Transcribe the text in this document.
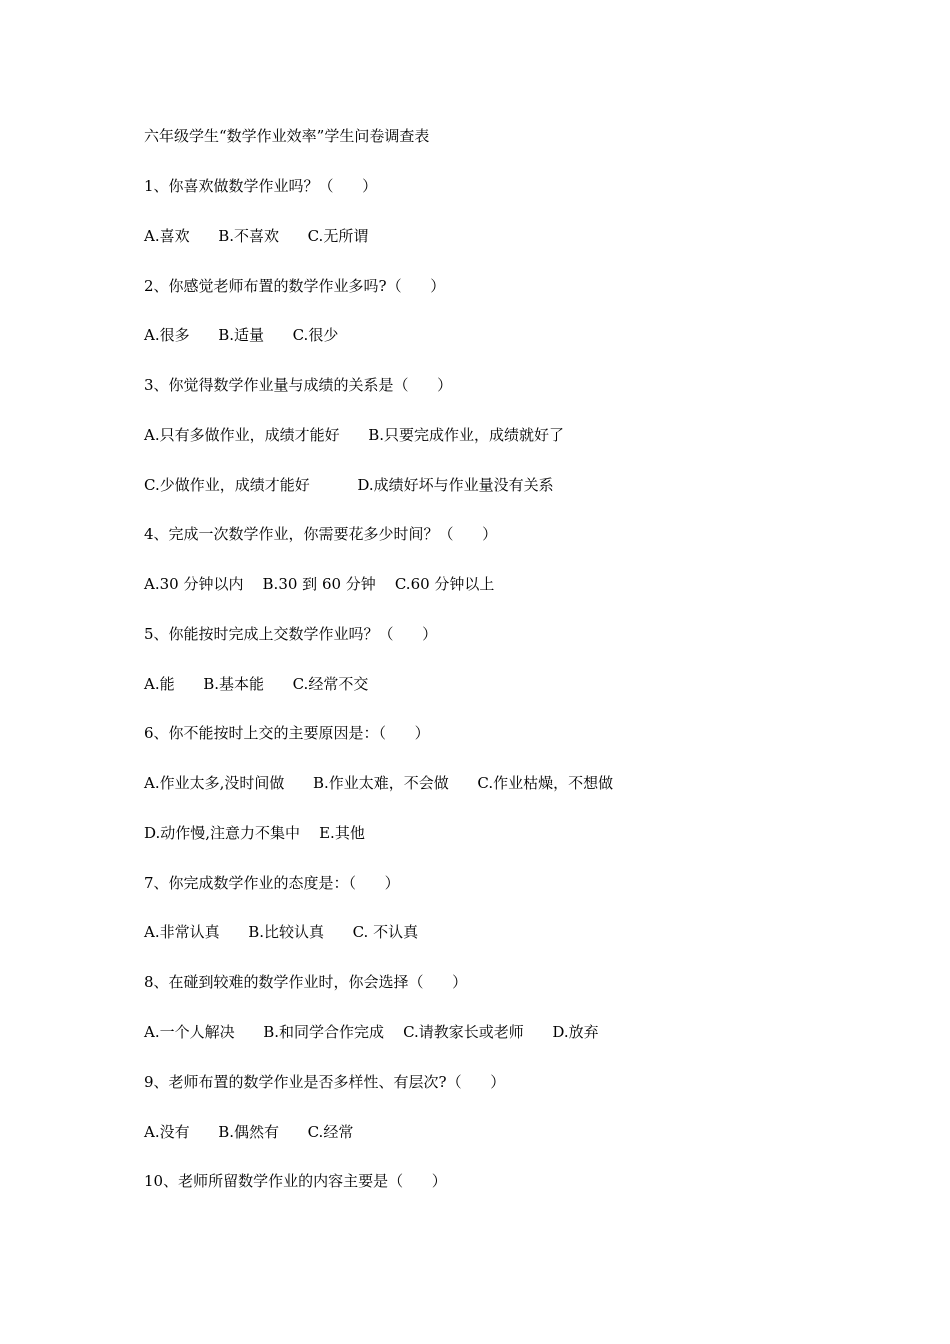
六年级学生“数学作业效率”学生问卷调查表
1、你喜欢做数学作业吗？（      ）
A.喜欢      B.不喜欢      C.无所谓
2、你感觉老师布置的数学作业多吗?（      ）
A.很多      B.适量      C.很少
3、你觉得数学作业量与成绩的关系是（      ）
A.只有多做作业，成绩才能好      B.只要完成作业，成绩就好了
C.少做作业，成绩才能好          D.成绩好坏与作业量没有关系
4、完成一次数学作业，你需要花多少时间？（      ）
A.30 分钟以内    B.30 到 60 分钟    C.60 分钟以上
5、你能按时完成上交数学作业吗？（      ）
A.能      B.基本能      C.经常不交
6、你不能按时上交的主要原因是：（      ）
A.作业太多,没时间做      B.作业太难，不会做      C.作业枯燥，不想做
D.动作慢,注意力不集中    E.其他
7、你完成数学作业的态度是：（      ）
A.非常认真      B.比较认真      C. 不认真
8、在碰到较难的数学作业时，你会选择（      ）
A.一个人解决      B.和同学合作完成    C.请教家长或老师      D.放弃
9、老师布置的数学作业是否多样性、有层次?（      ）
A.没有      B.偶然有      C.经常
10、老师所留数学作业的内容主要是（      ）
